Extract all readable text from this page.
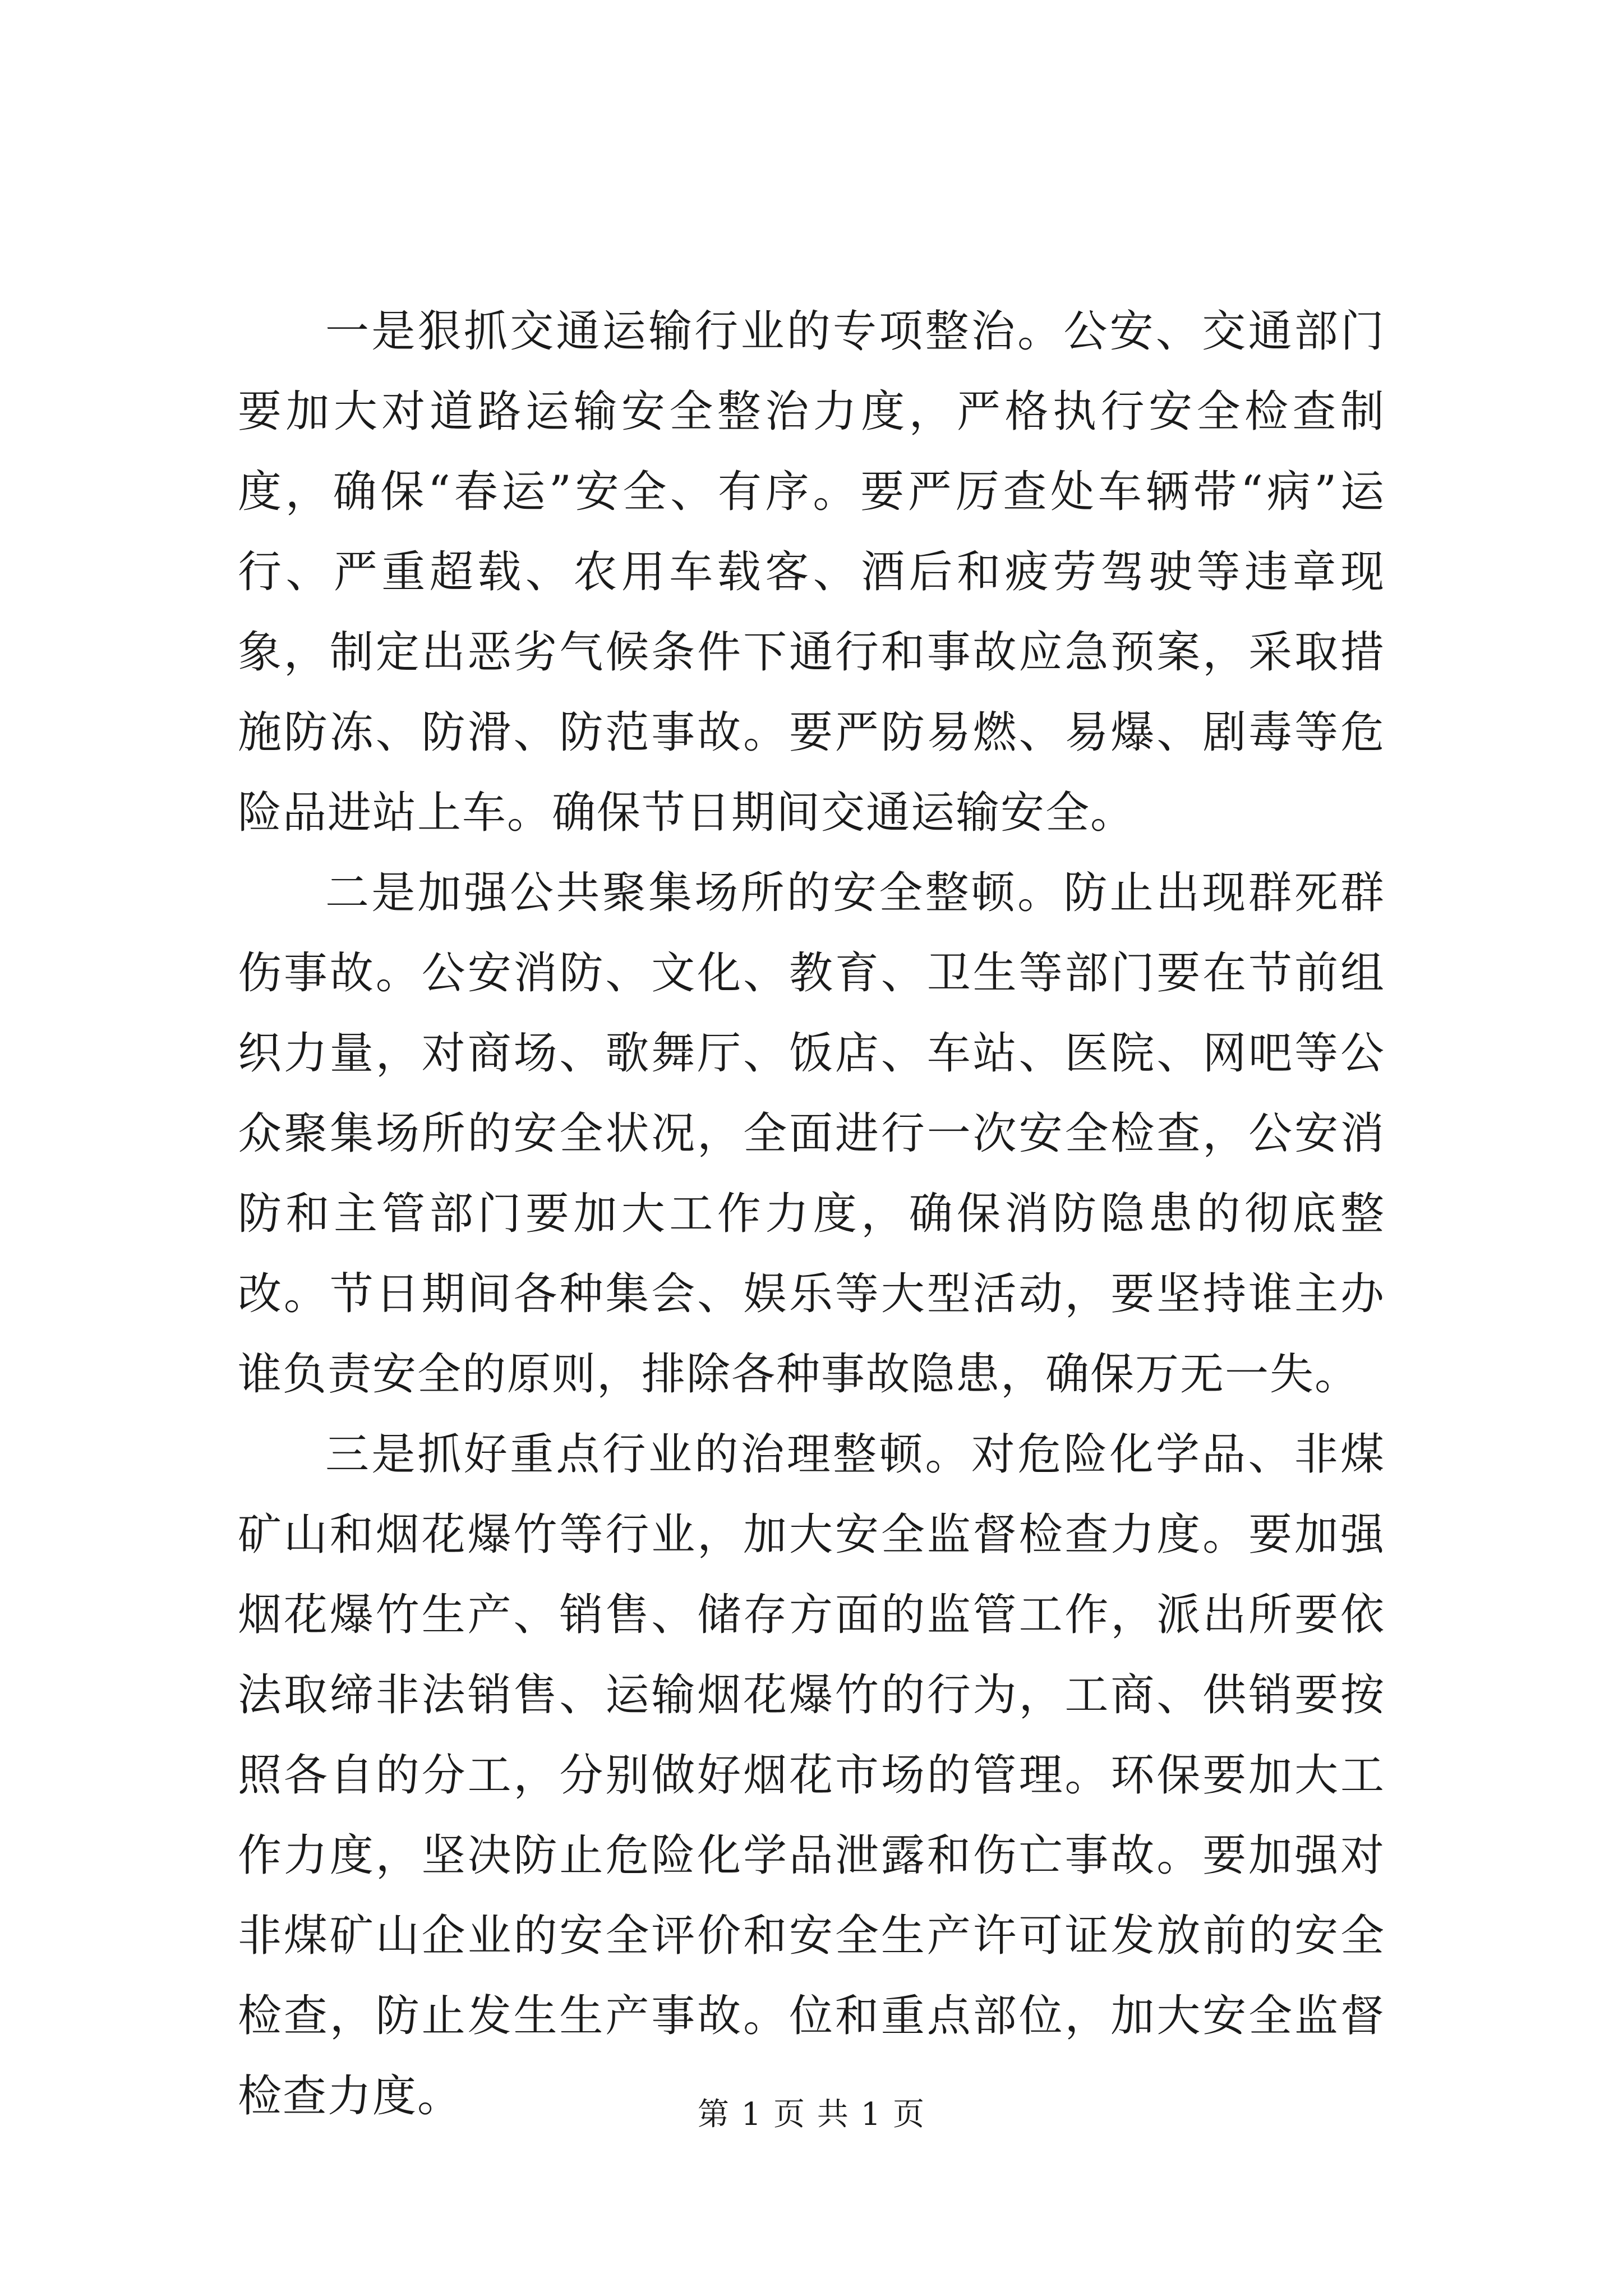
一是狠抓交通运输行业的专项整治。公安、交通部门要加大对道路运输安全整治力度，严格执行安全检查制度，确保“春运”安全、有序。要严厉查处车辆带“病”运行、严重超载、农用车载客、酒后和疲劳驾驶等违章现象，制定出恶劣气候条件下通行和事故应急预案，采取措施防冻、防滑、防范事故。要严防易燃、易爆、剧毒等危险品进站上车。确保节日期间交通运输安全。

二是加强公共聚集场所的安全整顿。防止出现群死群伤事故。公安消防、文化、教育、卫生等部门要在节前组织力量，对商场、歌舞厅、饭店、车站、医院、网吧等公众聚集场所的安全状况，全面进行一次安全检查，公安消防和主管部门要加大工作力度，确保消防隐患的彻底整改。节日期间各种集会、娱乐等大型活动，要坚持谁主办谁负责安全的原则，排除各种事故隐患，确保万无一失。

三是抓好重点行业的治理整顿。对危险化学品、非煤矿山和烟花爆竹等行业，加大安全监督检查力度。要加强烟花爆竹生产、销售、储存方面的监管工作，派出所要依法取缔非法销售、运输烟花爆竹的行为，工商、供销要按照各自的分工，分别做好烟花市场的管理。环保要加大工作力度，坚决防止危险化学品泄露和伤亡事故。要加强对非煤矿山企业的安全评价和安全生产许可证发放前的安全检查，防止发生生产事故。位和重点部位，加大安全监督检查力度。	第 1 页 共 1 页
